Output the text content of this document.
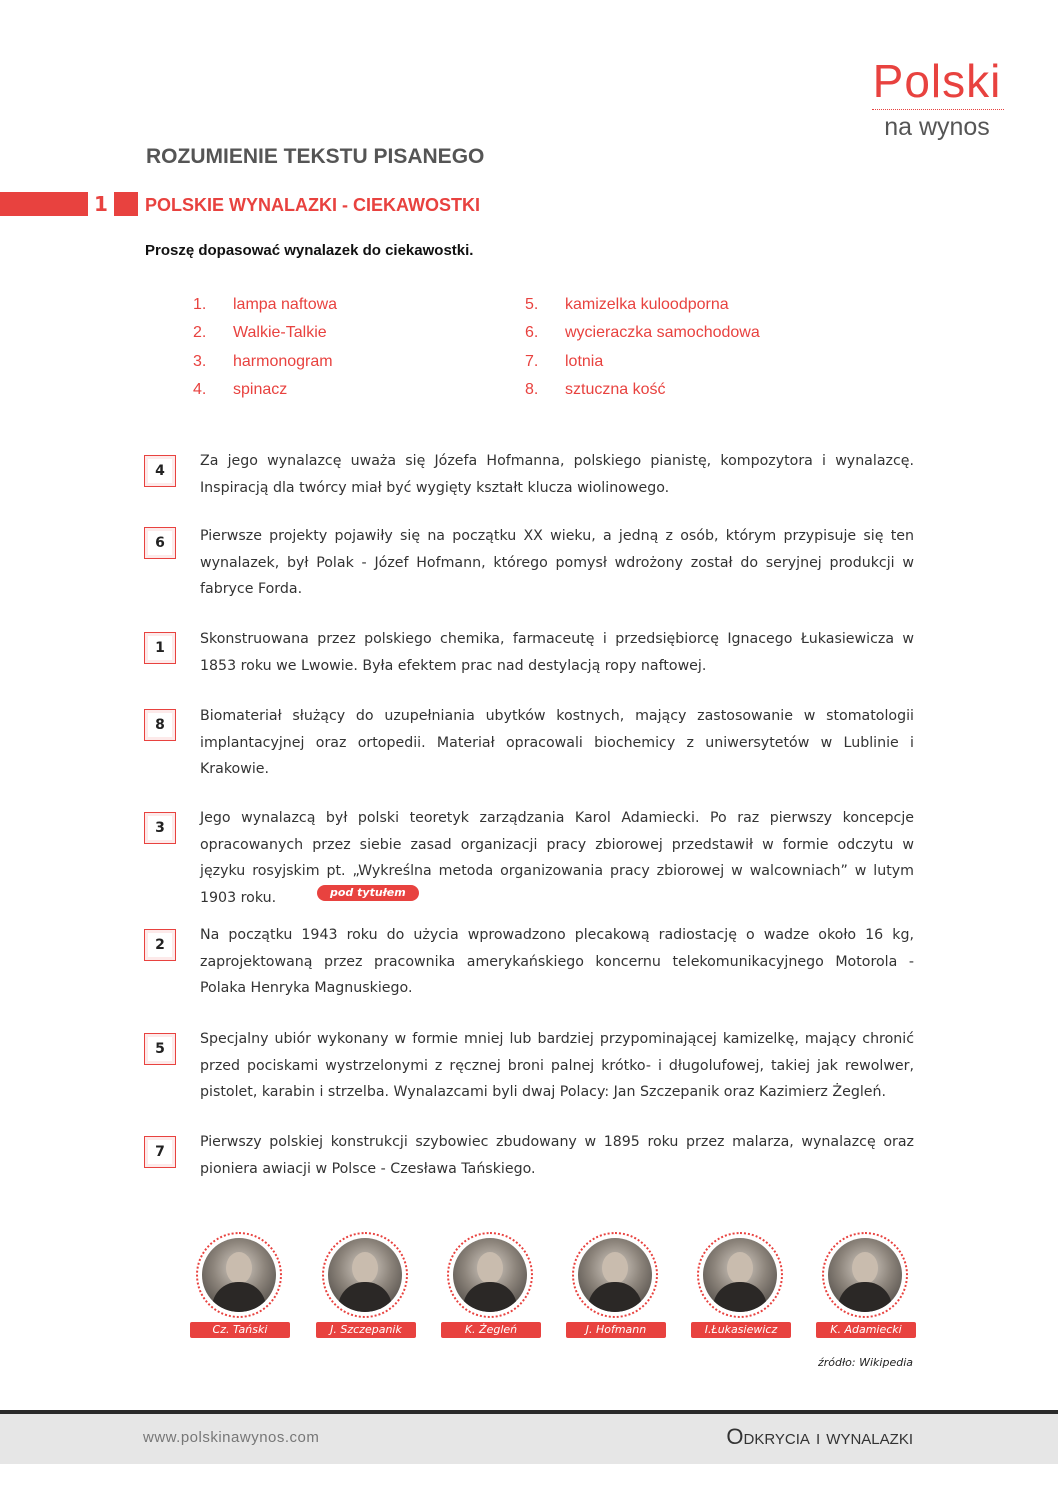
Polski
na wynos
ROZUMIENIE TEKSTU PISANEGO
1 POLSKIE WYNALAZKI - CIEKAWOSTKI
Proszę dopasować wynalazek do ciekawostki.
1.	lampa naftowa
2.	Walkie-Talkie
3.	harmonogram
4.	spinacz
5.	kamizelka kuloodporna
6.	wycieraczka samochodowa
7.	lotnia
8.	sztuczna kość
4

Za jego wynalazcę uważa się Józefa Hofmanna, polskiego pianistę, kompozytora i wynalazcę. Inspiracją dla twórcy miał być wygięty kształt klucza wiolinowego.

6	Pierwsze projekty pojawiły się na początku XX wieku, a jedną z osób, którym przypisuje się ten wynalazek, był Polak - Józef Hofmann, którego pomysł wdrożony został do seryjnej produkcji w fabryce Forda.

1

Skonstruowana przez polskiego chemika, farmaceutę i przedsiębiorcę Ignacego Łukasiewicza w 1853 roku we Lwowie. Była efektem prac nad destylacją ropy naftowej.

8

Biomateriał służący do uzupełniania ubytków kostnych, mający zastosowanie w stomatologii implantacyjnej oraz ortopedii. Materiał opracowali biochemicy z uniwersytetów w Lublinie i Krakowie.

3

Jego wynalazcą był polski teoretyk zarządzania Karol Adamiecki. Po raz pierwszy koncepcje opracowanych przez siebie zasad organizacji pracy zbiorowej przedstawił w formie odczytu w języku rosyjskim pt. „Wykreślna metoda organizowania pracy zbiorowej w walcowniach” w lutym 1903 roku.	pod tytułem
2

Na początku 1943 roku do użycia wprowadzono plecakową radiostację o wadze około 16 kg, zaprojektowaną przez pracownika amerykańskiego koncernu telekomunikacyjnego Motorola - Polaka Henryka Magnuskiego.

5

Specjalny ubiór wykonany w formie mniej lub bardziej przypominającej kamizelkę, mający chronić przed pociskami wystrzelonymi z ręcznej broni palnej krótko- i długolufowej, takiej jak rewolwer, pistolet, karabin i strzelba. Wynalazcami byli dwaj Polacy: Jan Szczepanik oraz Kazimierz Żegleń.

7

Pierwszy polskiej konstrukcji szybowiec zbudowany w 1895 roku przez malarza, wynalazcę oraz pioniera awiacji w Polsce - Czesława Tańskiego.

Cz. Tański	J. Szczepanik	K. Żegleń	J. Hofmann	I.Łukasiewicz	K. Adamiecki
źródło: Wikipedia
www.polskinawynos.com	Odkrycia i wynalazki
